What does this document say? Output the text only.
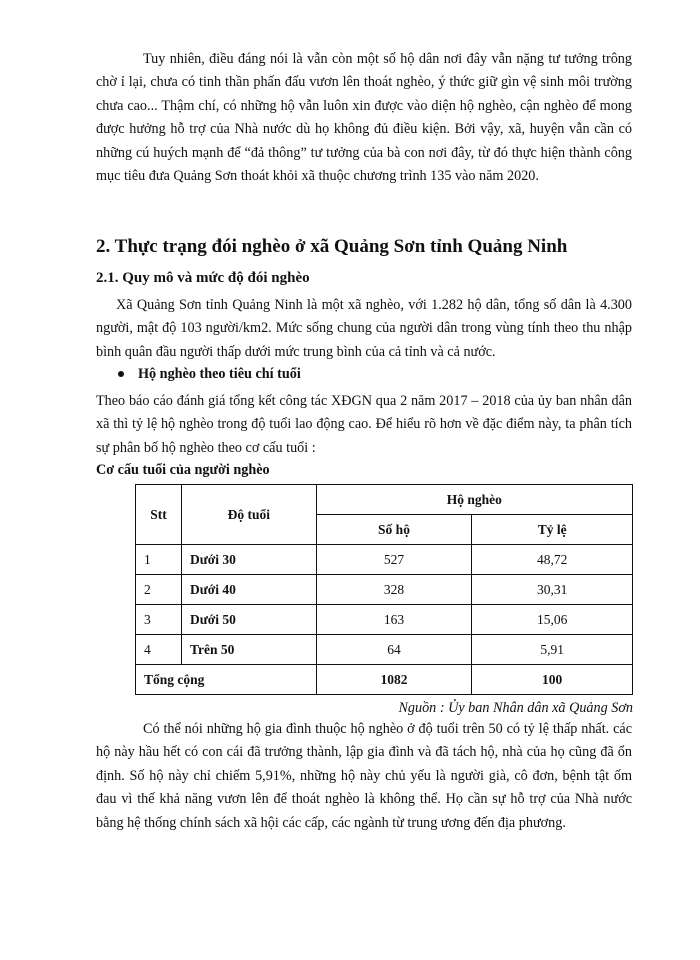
Tuy nhiên, điều đáng nói là vẫn còn một số hộ dân nơi đây vẫn nặng tư tưởng trông chờ ỉ lại, chưa có tinh thần phấn đấu vươn lên thoát nghèo, ý thức giữ gìn vệ sinh môi trường chưa cao... Thậm chí, có những hộ vẫn luôn xin được vào diện hộ nghèo, cận nghèo để mong được hưởng hỗ trợ của Nhà nước dù họ không đủ điều kiện. Bởi vậy, xã, huyện vẫn cần có những cú huých mạnh để “đả thông” tư tưởng của bà con nơi đây, từ đó thực hiện thành công mục tiêu đưa Quảng Sơn thoát khỏi xã thuộc chương trình 135 vào năm 2020.

2. Thực trạng đói nghèo ở xã Quảng Sơn tỉnh Quảng Ninh
2.1. Quy mô và mức độ đói nghèo

Xã Quảng Sơn tỉnh Quảng Ninh là một xã nghèo, với 1.282 hộ dân, tổng số dân là 4.300 người, mật độ 103 người/km2. Mức sống chung của người dân trong vùng tính theo thu nhập bình quân đầu người thấp dưới mức trung bình của cả tỉnh và cả nước.

Hộ nghèo theo tiêu chí tuổi

Theo báo cáo đánh giá tổng kết công tác XĐGN qua 2 năm 2017 – 2018 của ủy ban nhân dân xã thì tỷ lệ hộ nghèo trong độ tuổi lao động cao. Để hiểu rõ hơn về đặc điểm này, ta phân tích sự phân bố hộ nghèo theo cơ cấu tuổi :

Cơ cấu tuổi của người nghèo
Stt	Độ tuổi	Hộ nghèo	
		Số hộ	Tỷ lệ
1	Dưới 30	527	48,72
2	Dưới 40	328	30,31
3	Dưới 50	163	15,06
4	Trên 50	64	5,91
Tổng cộng		1082	100
Nguồn : Ủy ban Nhân dân xã Quảng Sơn

Có thể nói những hộ gia đình thuộc hộ nghèo ở độ tuổi trên 50 có tỷ lệ thấp nhất. các hộ này hầu hết có con cái đã trưởng thành, lập gia đình và đã tách hộ, nhà của họ cũng đã ổn định. Số hộ này chỉ chiếm 5,91%, những hộ này chủ yếu là người già, cô đơn, bệnh tật ốm đau vì thế khả năng vươn lên để thoát nghèo là không thể. Họ cần sự hỗ trợ của Nhà nước bằng hệ thống chính sách xã hội các cấp, các ngành từ trung ương đến địa phương.
